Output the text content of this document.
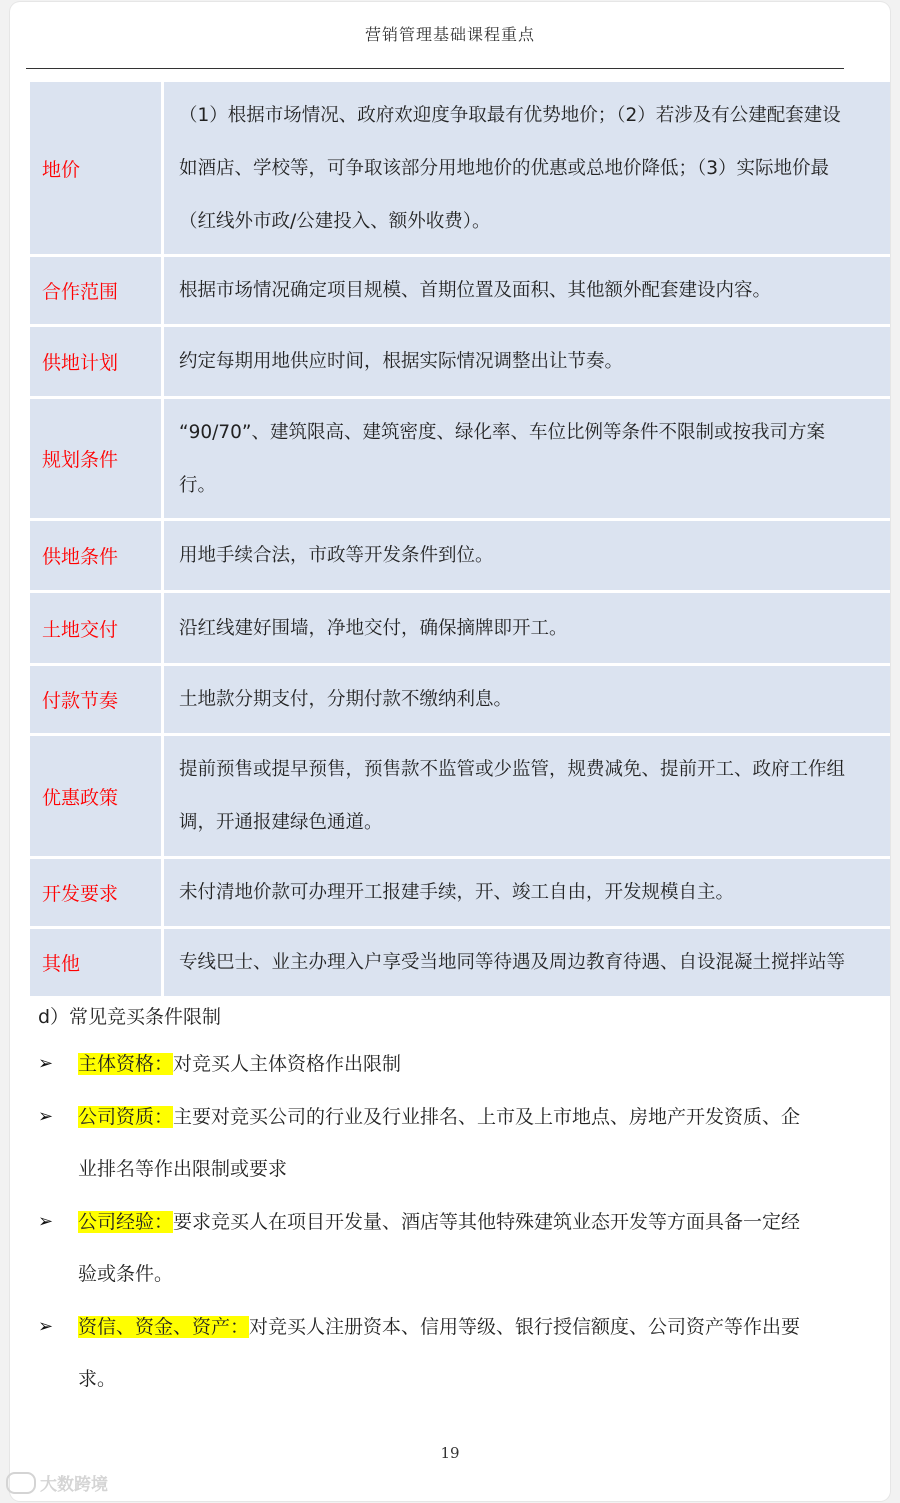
营销管理基础课程重点
地价	（1）根据市场情况、政府欢迎度争取最有优势地价；（2）若涉及有公建配套建设
如酒店、学校等，可争取该部分用地地价的优惠或总地价降低；（3）实际地价最
（红线外市政/公建投入、额外收费）。

合作范围	根据市场情况确定项目规模、首期位置及面积、其他额外配套建设内容。

供地计划	约定每期用地供应时间，根据实际情况调整出让节奏。

规划条件	“90/70”、建筑限高、建筑密度、绿化率、车位比例等条件不限制或按我司方案
行。

供地条件	用地手续合法，市政等开发条件到位。

土地交付	沿红线建好围墙，净地交付，确保摘牌即开工。

付款节奏	土地款分期支付，分期付款不缴纳利息。

优惠政策	提前预售或提早预售，预售款不监管或少监管，规费减免、提前开工、政府工作组
调，开通报建绿色通道。

开发要求	未付清地价款可办理开工报建手续，开、竣工自由，开发规模自主。

其他	专线巴士、业主办理入户享受当地同等待遇及周边教育待遇、自设混凝土搅拌站等

d）常见竞买条件限制

➢ 主体资格：对竞买人主体资格作出限制
➢ 公司资质：主要对竞买公司的行业及行业排名、上市及上市地点、房地产开发资质、企
业排名等作出限制或要求
➢ 公司经验：要求竞买人在项目开发量、酒店等其他特殊建筑业态开发等方面具备一定经
验或条件。
➢ 资信、资金、资产：对竞买人注册资本、信用等级、银行授信额度、公司资产等作出要
求。
19
大数跨境
